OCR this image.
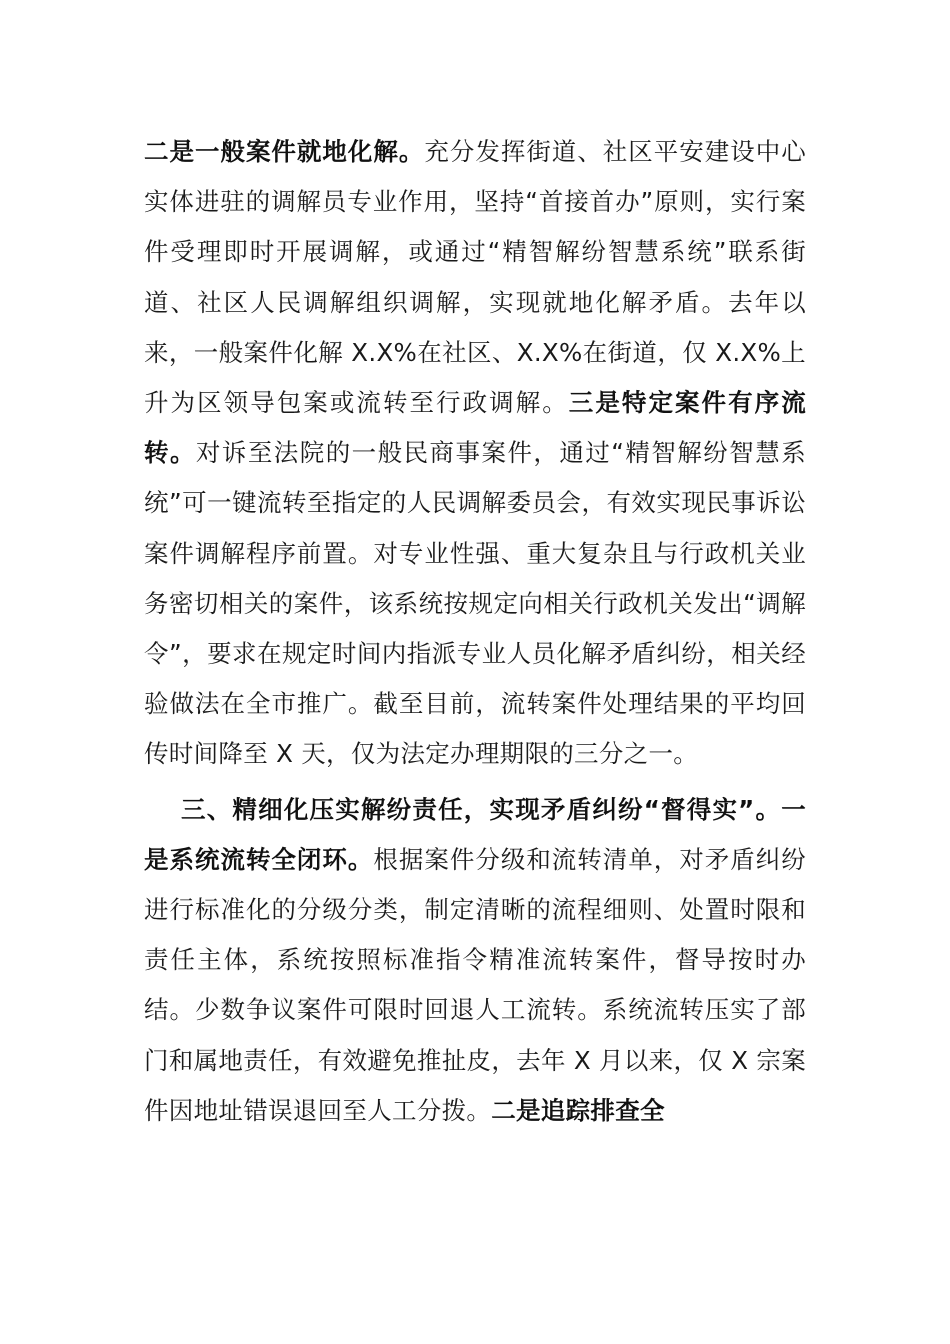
二是一般案件就地化解。充分发挥街道、社区平安建设中心实体进驻的调解员专业作用，坚持“首接首办”原则，实行案件受理即时开展调解，或通过“精智解纷智慧系统”联系街道、社区人民调解组织调解，实现就地化解矛盾。去年以来，一般案件化解 X.X%在社区、X.X%在街道，仅 X.X%上升为区领导包案或流转至行政调解。三是特定案件有序流转。对诉至法院的一般民商事案件，通过“精智解纷智慧系统”可一键流转至指定的人民调解委员会，有效实现民事诉讼案件调解程序前置。对专业性强、重大复杂且与行政机关业务密切相关的案件，该系统按规定向相关行政机关发出“调解令”，要求在规定时间内指派专业人员化解矛盾纠纷，相关经验做法在全市推广。截至目前，流转案件处理结果的平均回传时间降至 X 天，仅为法定办理期限的三分之一。

三、精细化压实解纷责任，实现矛盾纠纷“督得实”。一是系统流转全闭环。根据案件分级和流转清单，对矛盾纠纷进行标准化的分级分类，制定清晰的流程细则、处置时限和责任主体，系统按照标准指令精准流转案件，督导按时办结。少数争议案件可限时回退人工流转。系统流转压实了部门和属地责任，有效避免推扯皮，去年 X 月以来，仅 X 宗案件因地址错误退回至人工分拨。二是追踪排查全
